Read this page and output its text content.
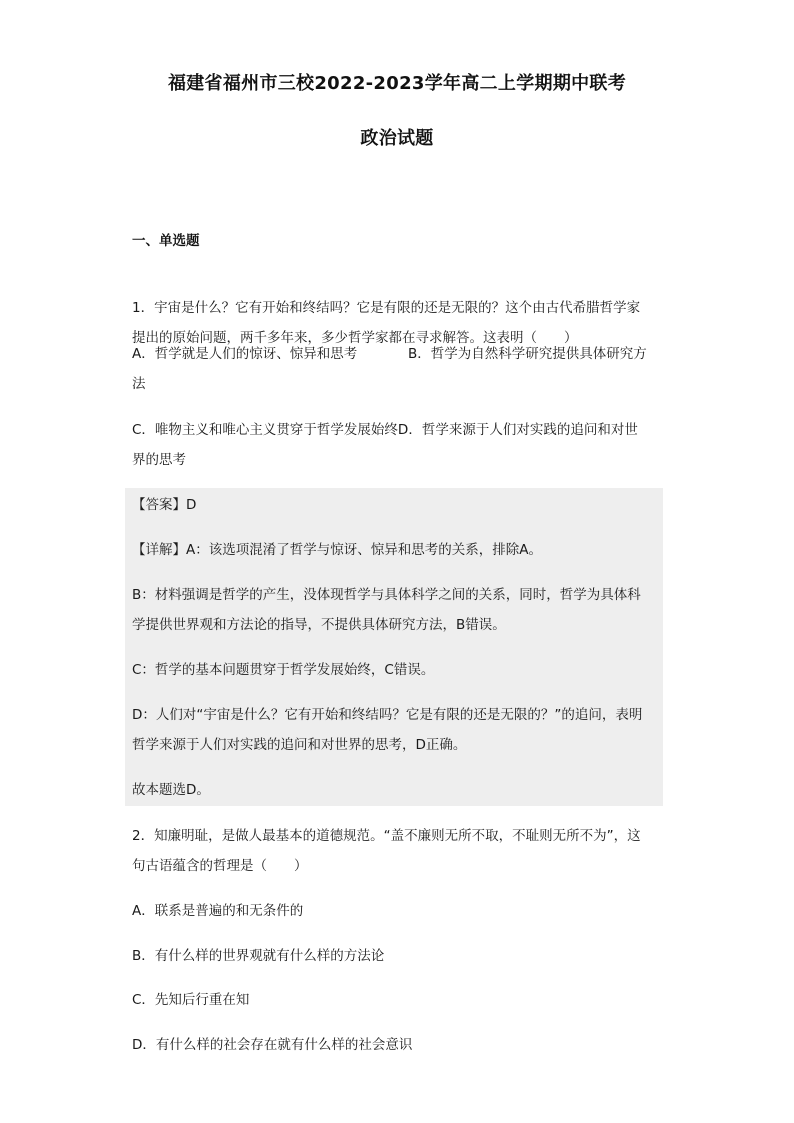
福建省福州市三校2022-2023学年高二上学期期中联考
政治试题
一、单选题
1．宇宙是什么？它有开始和终结吗？它是有限的还是无限的？这个由古代希腊哲学家
提出的原始问题，两千多年来，多少哲学家都在寻求解答。这表明（　　）
A．哲学就是人们的惊讶、惊异和思考	B．哲学为自然科学研究提供具体研究方
法
C．唯物主义和唯心主义贯穿于哲学发展始终D．哲学来源于人们对实践的追问和对世
界的思考
【答案】D
【详解】A：该选项混淆了哲学与惊讶、惊异和思考的关系，排除A。
B：材料强调是哲学的产生，没体现哲学与具体科学之间的关系，同时，哲学为具体科
学提供世界观和方法论的指导，不提供具体研究方法，B错误。
C：哲学的基本问题贯穿于哲学发展始终，C错误。
D：人们对“宇宙是什么？它有开始和终结吗？它是有限的还是无限的？”的追问，表明
哲学来源于人们对实践的追问和对世界的思考，D正确。
故本题选D。
2．知廉明耻，是做人最基本的道德规范。“盖不廉则无所不取，不耻则无所不为”，这
句古语蕴含的哲理是（　　）
A．联系是普遍的和无条件的
B．有什么样的世界观就有什么样的方法论
C．先知后行重在知
D．有什么样的社会存在就有什么样的社会意识
